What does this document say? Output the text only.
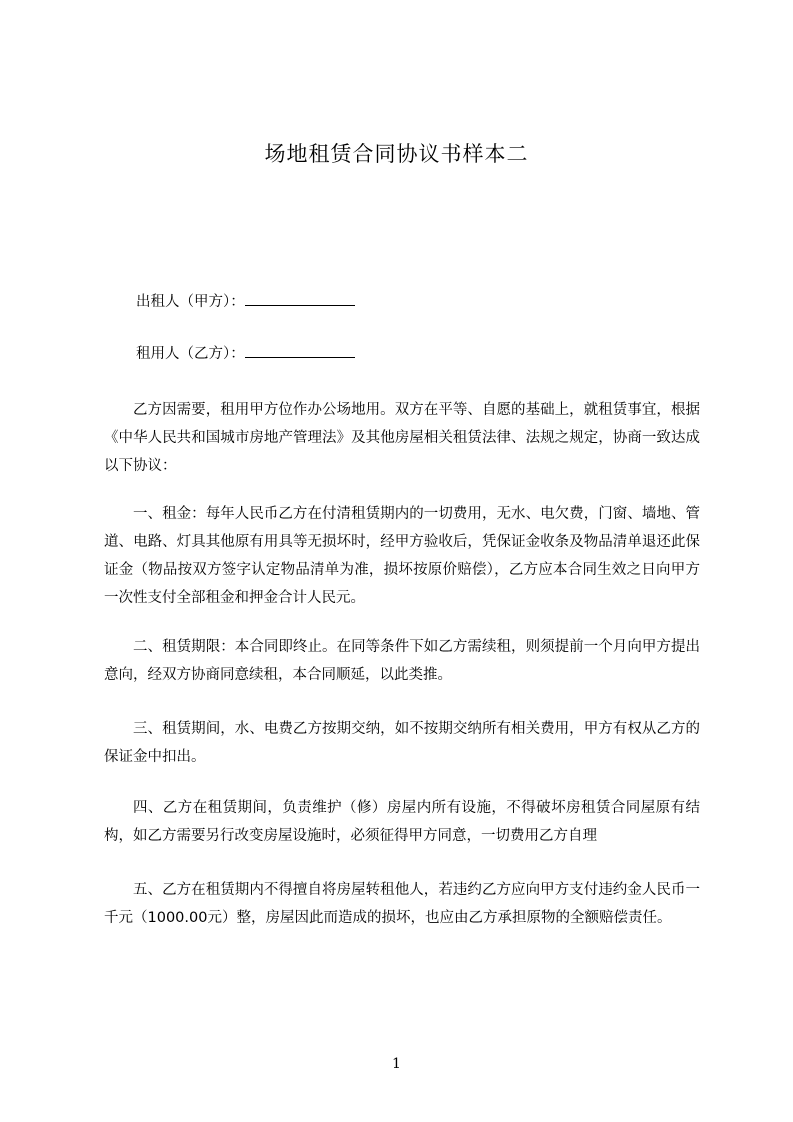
场地租赁合同协议书样本二
出租人（甲方）：
租用人（乙方）：

乙方因需要，租用甲方位作办公场地用。双方在平等、自愿的基础上，就租赁事宜，根据《中华人民共和国城市房地产管理法》及其他房屋相关租赁法律、法规之规定，协商一致达成以下协议：

一、租金：每年人民币乙方在付清租赁期内的一切费用，无水、电欠费，门窗、墙地、管道、电路、灯具其他原有用具等无损坏时，经甲方验收后，凭保证金收条及物品清单退还此保证金（物品按双方签字认定物品清单为准，损坏按原价赔偿），乙方应本合同生效之日向甲方一次性支付全部租金和押金合计人民元。

二、租赁期限：本合同即终止。在同等条件下如乙方需续租，则须提前一个月向甲方提出意向，经双方协商同意续租，本合同顺延，以此类推。

三、租赁期间，水、电费乙方按期交纳，如不按期交纳所有相关费用，甲方有权从乙方的保证金中扣出。

四、乙方在租赁期间，负责维护（修）房屋内所有设施，不得破坏房租赁合同屋原有结构，如乙方需要另行改变房屋设施时，必须征得甲方同意，一切费用乙方自理

五、乙方在租赁期内不得擅自将房屋转租他人，若违约乙方应向甲方支付违约金人民币一千元（1000.00元）整，房屋因此而造成的损坏，也应由乙方承担原物的全额赔偿责任。

1
